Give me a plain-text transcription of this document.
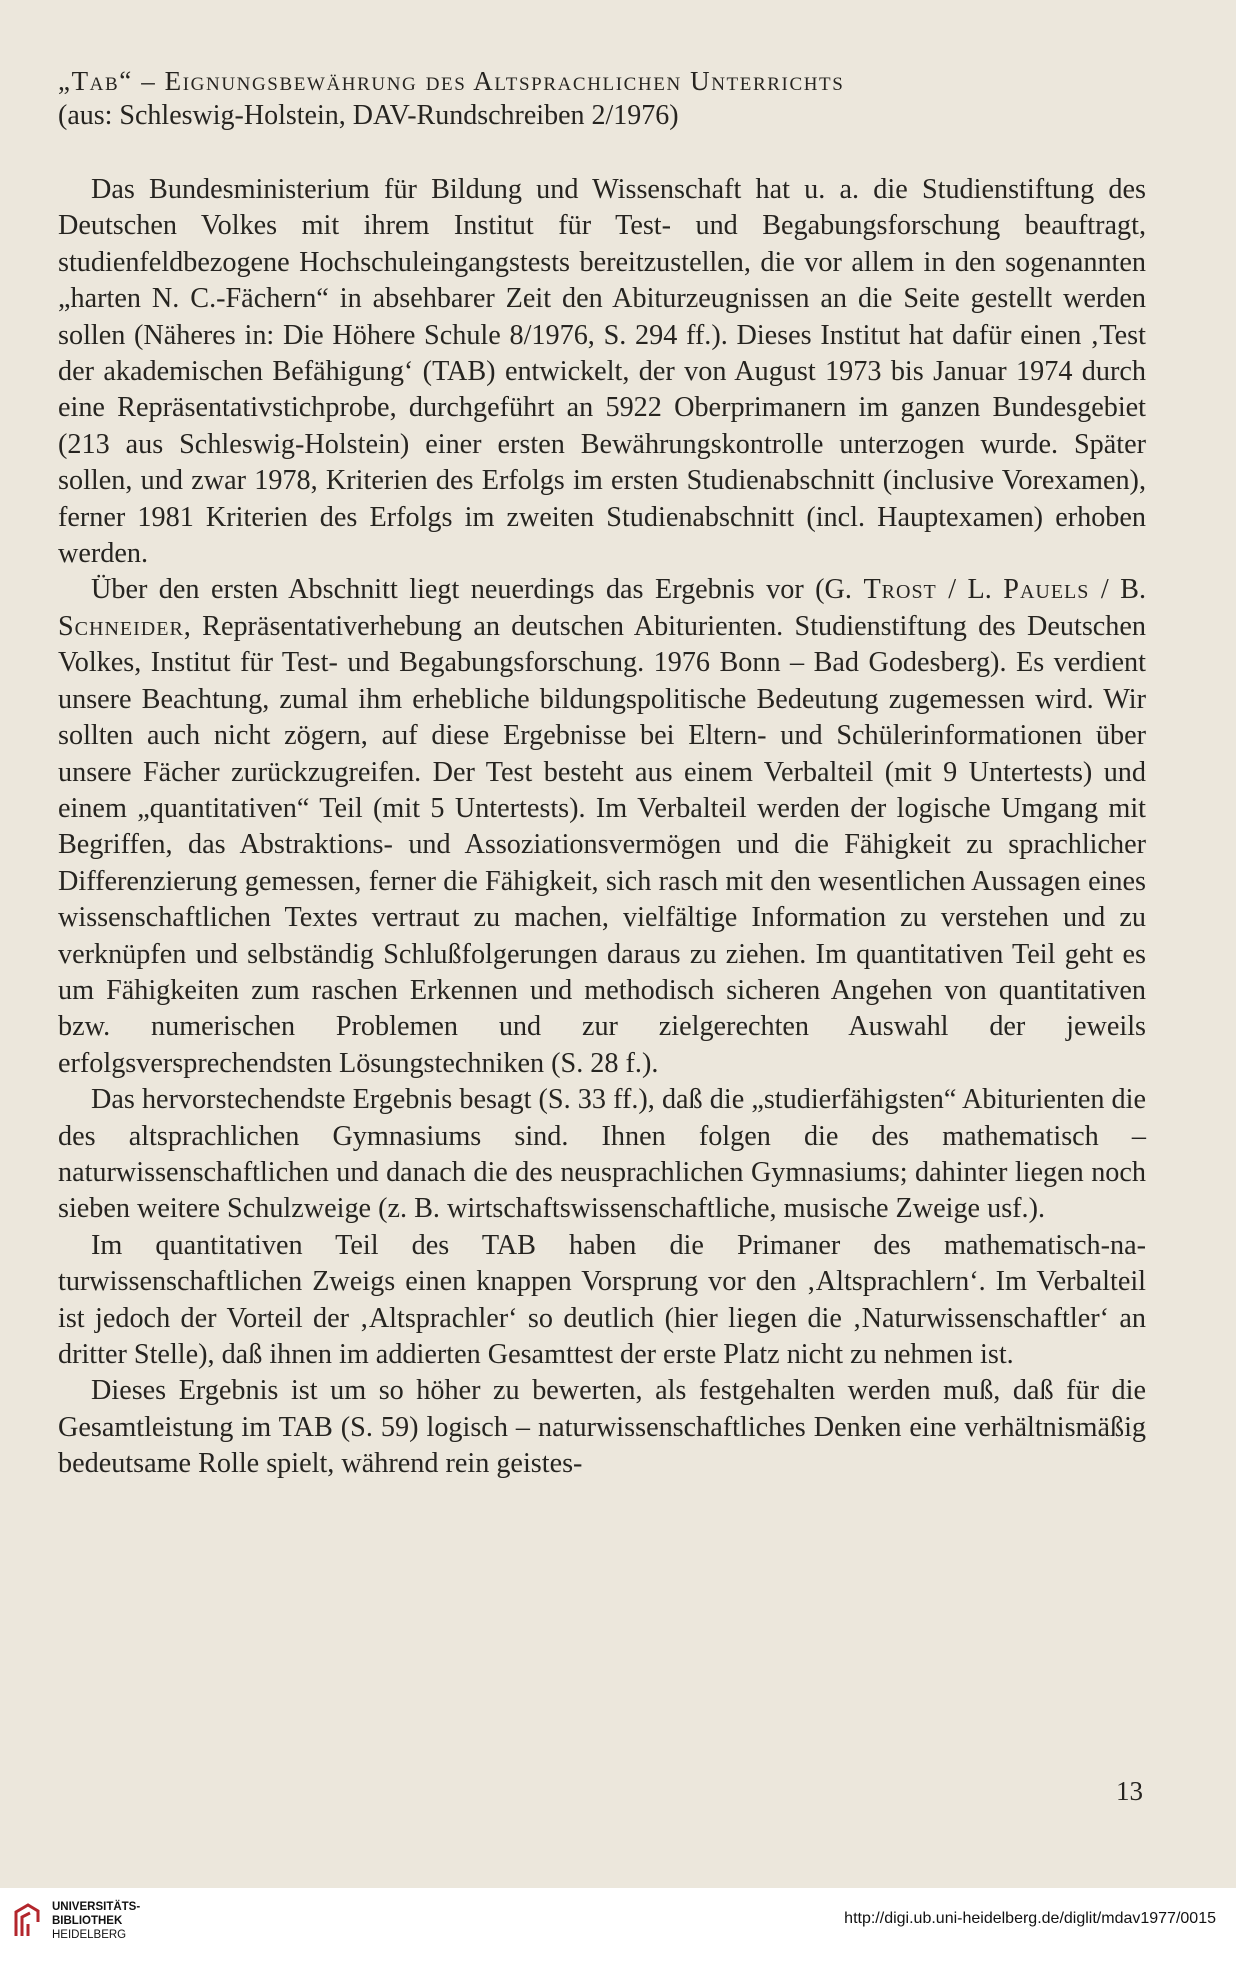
„Tab“ – Eignungsbewährung des Altsprachlichen Unterrichts

(aus: Schleswig-Holstein, DAV-Rundschreiben 2/1976)

Das Bundesministerium für Bildung und Wissenschaft hat u. a. die Studienstiftung des Deutschen Volkes mit ihrem Institut für Test- und Begabungsforschung beauftragt, studienfeldbezogene Hochschuleingangstests bereitzustellen, die vor allem in den sogenannten „harten N. C.-Fächern“ in absehbarer Zeit den Abiturzeugnissen an die Seite gestellt werden sollen (Näheres in: Die Höhere Schule 8/1976, S. 294 ff.). Dieses Institut hat dafür einen ‚Test der akademischen Befähigung‘ (TAB) entwickelt, der von August 1973 bis Januar 1974 durch eine Repräsentativstichprobe, durchgeführt an 5922 Oberprimanern im ganzen Bundesgebiet (213 aus Schleswig-Holstein) einer ersten Bewährungskontrolle unterzogen wurde. Später sollen, und zwar 1978, Kriterien des Erfolgs im ersten Studienabschnitt (inclusive Vorexamen), ferner 1981 Kriterien des Erfolgs im zweiten Studienabschnitt (incl. Hauptexamen) erhoben werden.

Über den ersten Abschnitt liegt neuerdings das Ergebnis vor (G. Trost / L. Pauels / B. Schneider, Repräsentativerhebung an deutschen Abiturienten. Studienstiftung des Deutschen Volkes, Institut für Test- und Begabungsforschung. 1976 Bonn – Bad Godesberg). Es verdient unsere Beachtung, zumal ihm erhebliche bildungspolitische Bedeutung zugemessen wird. Wir sollten auch nicht zögern, auf diese Ergebnisse bei Eltern- und Schülerinformationen über unsere Fächer zurückzugreifen. Der Test besteht aus einem Verbalteil (mit 9 Untertests) und einem „quantitativen“ Teil (mit 5 Untertests). Im Verbalteil werden der logische Umgang mit Begriffen, das Abstraktions- und Assoziationsvermögen und die Fähigkeit zu sprachlicher Differenzierung gemessen, ferner die Fähigkeit, sich rasch mit den wesentlichen Aussagen eines wissenschaftlichen Textes vertraut zu machen, vielfältige Information zu verstehen und zu verknüpfen und selbständig Schlußfolgerungen daraus zu ziehen. Im quantitativen Teil geht es um Fähigkeiten zum raschen Erkennen und methodisch sicheren Angehen von quantitativen bzw. numerischen Problemen und zur zielgerechten Auswahl der jeweils erfolgsversprechendsten Lösungstechniken (S. 28 f.).

Das hervorstechendste Ergebnis besagt (S. 33 ff.), daß die „studierfähigsten“ Abiturienten die des altsprachlichen Gymnasiums sind. Ihnen folgen die des mathematisch – naturwissenschaftlichen und danach die des neusprachlichen Gymnasiums; dahinter liegen noch sieben weitere Schulzweige (z. B. wirtschaftswissenschaftliche, musische Zweige usf.).

Im quantitativen Teil des TAB haben die Primaner des mathematisch-naturwissenschaftlichen Zweigs einen knappen Vorsprung vor den ‚Altsprachlern‘. Im Verbalteil ist jedoch der Vorteil der ‚Altsprachler‘ so deutlich (hier liegen die ‚Naturwissenschaftler‘ an dritter Stelle), daß ihnen im addierten Gesamttest der erste Platz nicht zu nehmen ist.

Dieses Ergebnis ist um so höher zu bewerten, als festgehalten werden muß, daß für die Gesamtleistung im TAB (S. 59) logisch – naturwissenschaftliches Denken eine verhältnismäßig bedeutsame Rolle spielt, während rein geistes-

13
UNIVERSITÄTS-
BIBLIOTHEK
HEIDELBERG
http://digi.ub.uni-heidelberg.de/diglit/mdav1977/0015
